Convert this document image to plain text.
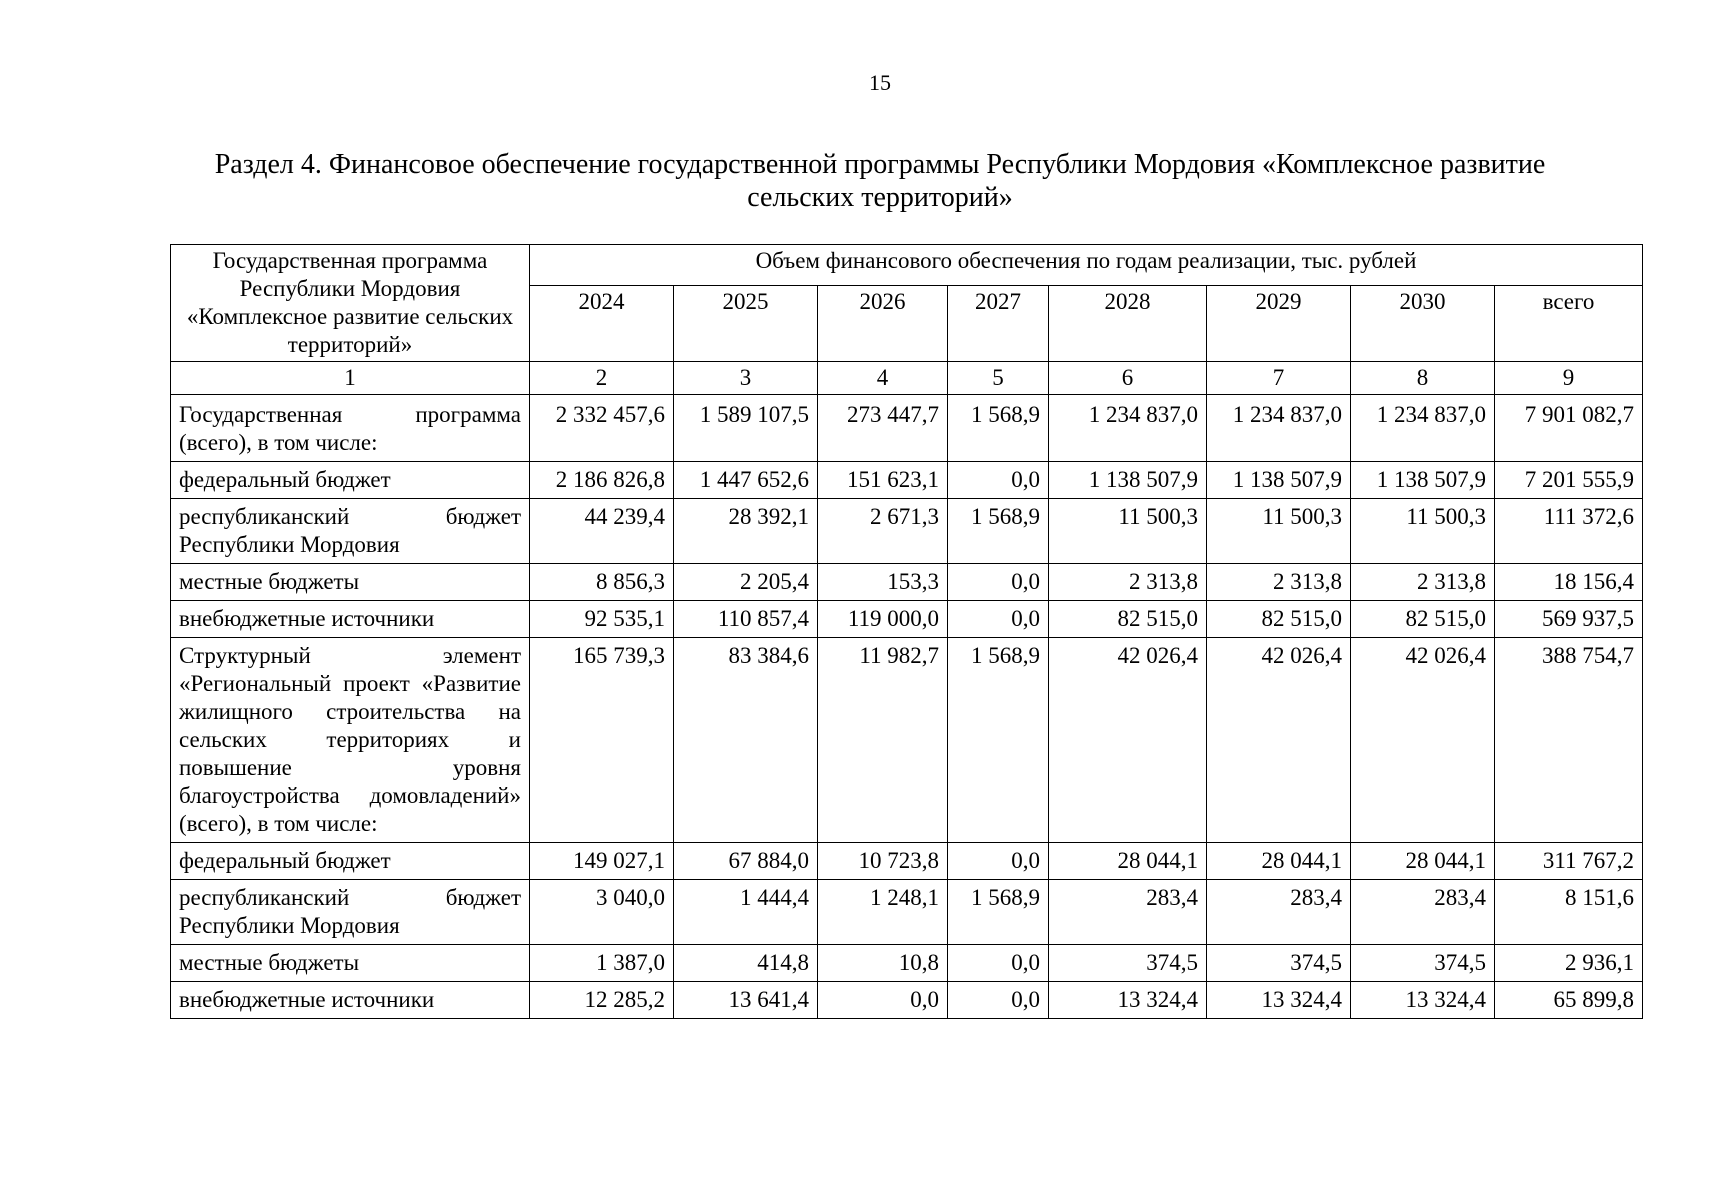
15
Раздел 4. Финансовое обеспечение государственной программы Республики Мордовия «Комплексное развитие сельских территорий»
Государственная программа Республики Мордовия «Комплексное развитие сельских территорий»	Объем финансового обеспечения по годам реализации, тыс. рублей							
	2024	2025	2026	2027	2028	2029	2030	всего
1	2	3	4	5	6	7	8	9
Государственная программа (всего), в том числе:	2 332 457,6	1 589 107,5	273 447,7	1 568,9	1 234 837,0	1 234 837,0	1 234 837,0	7 901 082,7
федеральный бюджет	2 186 826,8	1 447 652,6	151 623,1	0,0	1 138 507,9	1 138 507,9	1 138 507,9	7 201 555,9
республиканский бюджет Республики Мордовия	44 239,4	28 392,1	2 671,3	1 568,9	11 500,3	11 500,3	11 500,3	111 372,6
местные бюджеты	8 856,3	2 205,4	153,3	0,0	2 313,8	2 313,8	2 313,8	18 156,4
внебюджетные источники	92 535,1	110 857,4	119 000,0	0,0	82 515,0	82 515,0	82 515,0	569 937,5
Структурный элемент «Региональный проект «Развитие жилищного строительства на сельских территориях и повышение уровня благоустройства домовладений» (всего), в том числе:	165 739,3	83 384,6	11 982,7	1 568,9	42 026,4	42 026,4	42 026,4	388 754,7
федеральный бюджет	149 027,1	67 884,0	10 723,8	0,0	28 044,1	28 044,1	28 044,1	311 767,2
республиканский бюджет Республики Мордовия	3 040,0	1 444,4	1 248,1	1 568,9	283,4	283,4	283,4	8 151,6
местные бюджеты	1 387,0	414,8	10,8	0,0	374,5	374,5	374,5	2 936,1
внебюджетные источники	12 285,2	13 641,4	0,0	0,0	13 324,4	13 324,4	13 324,4	65 899,8
